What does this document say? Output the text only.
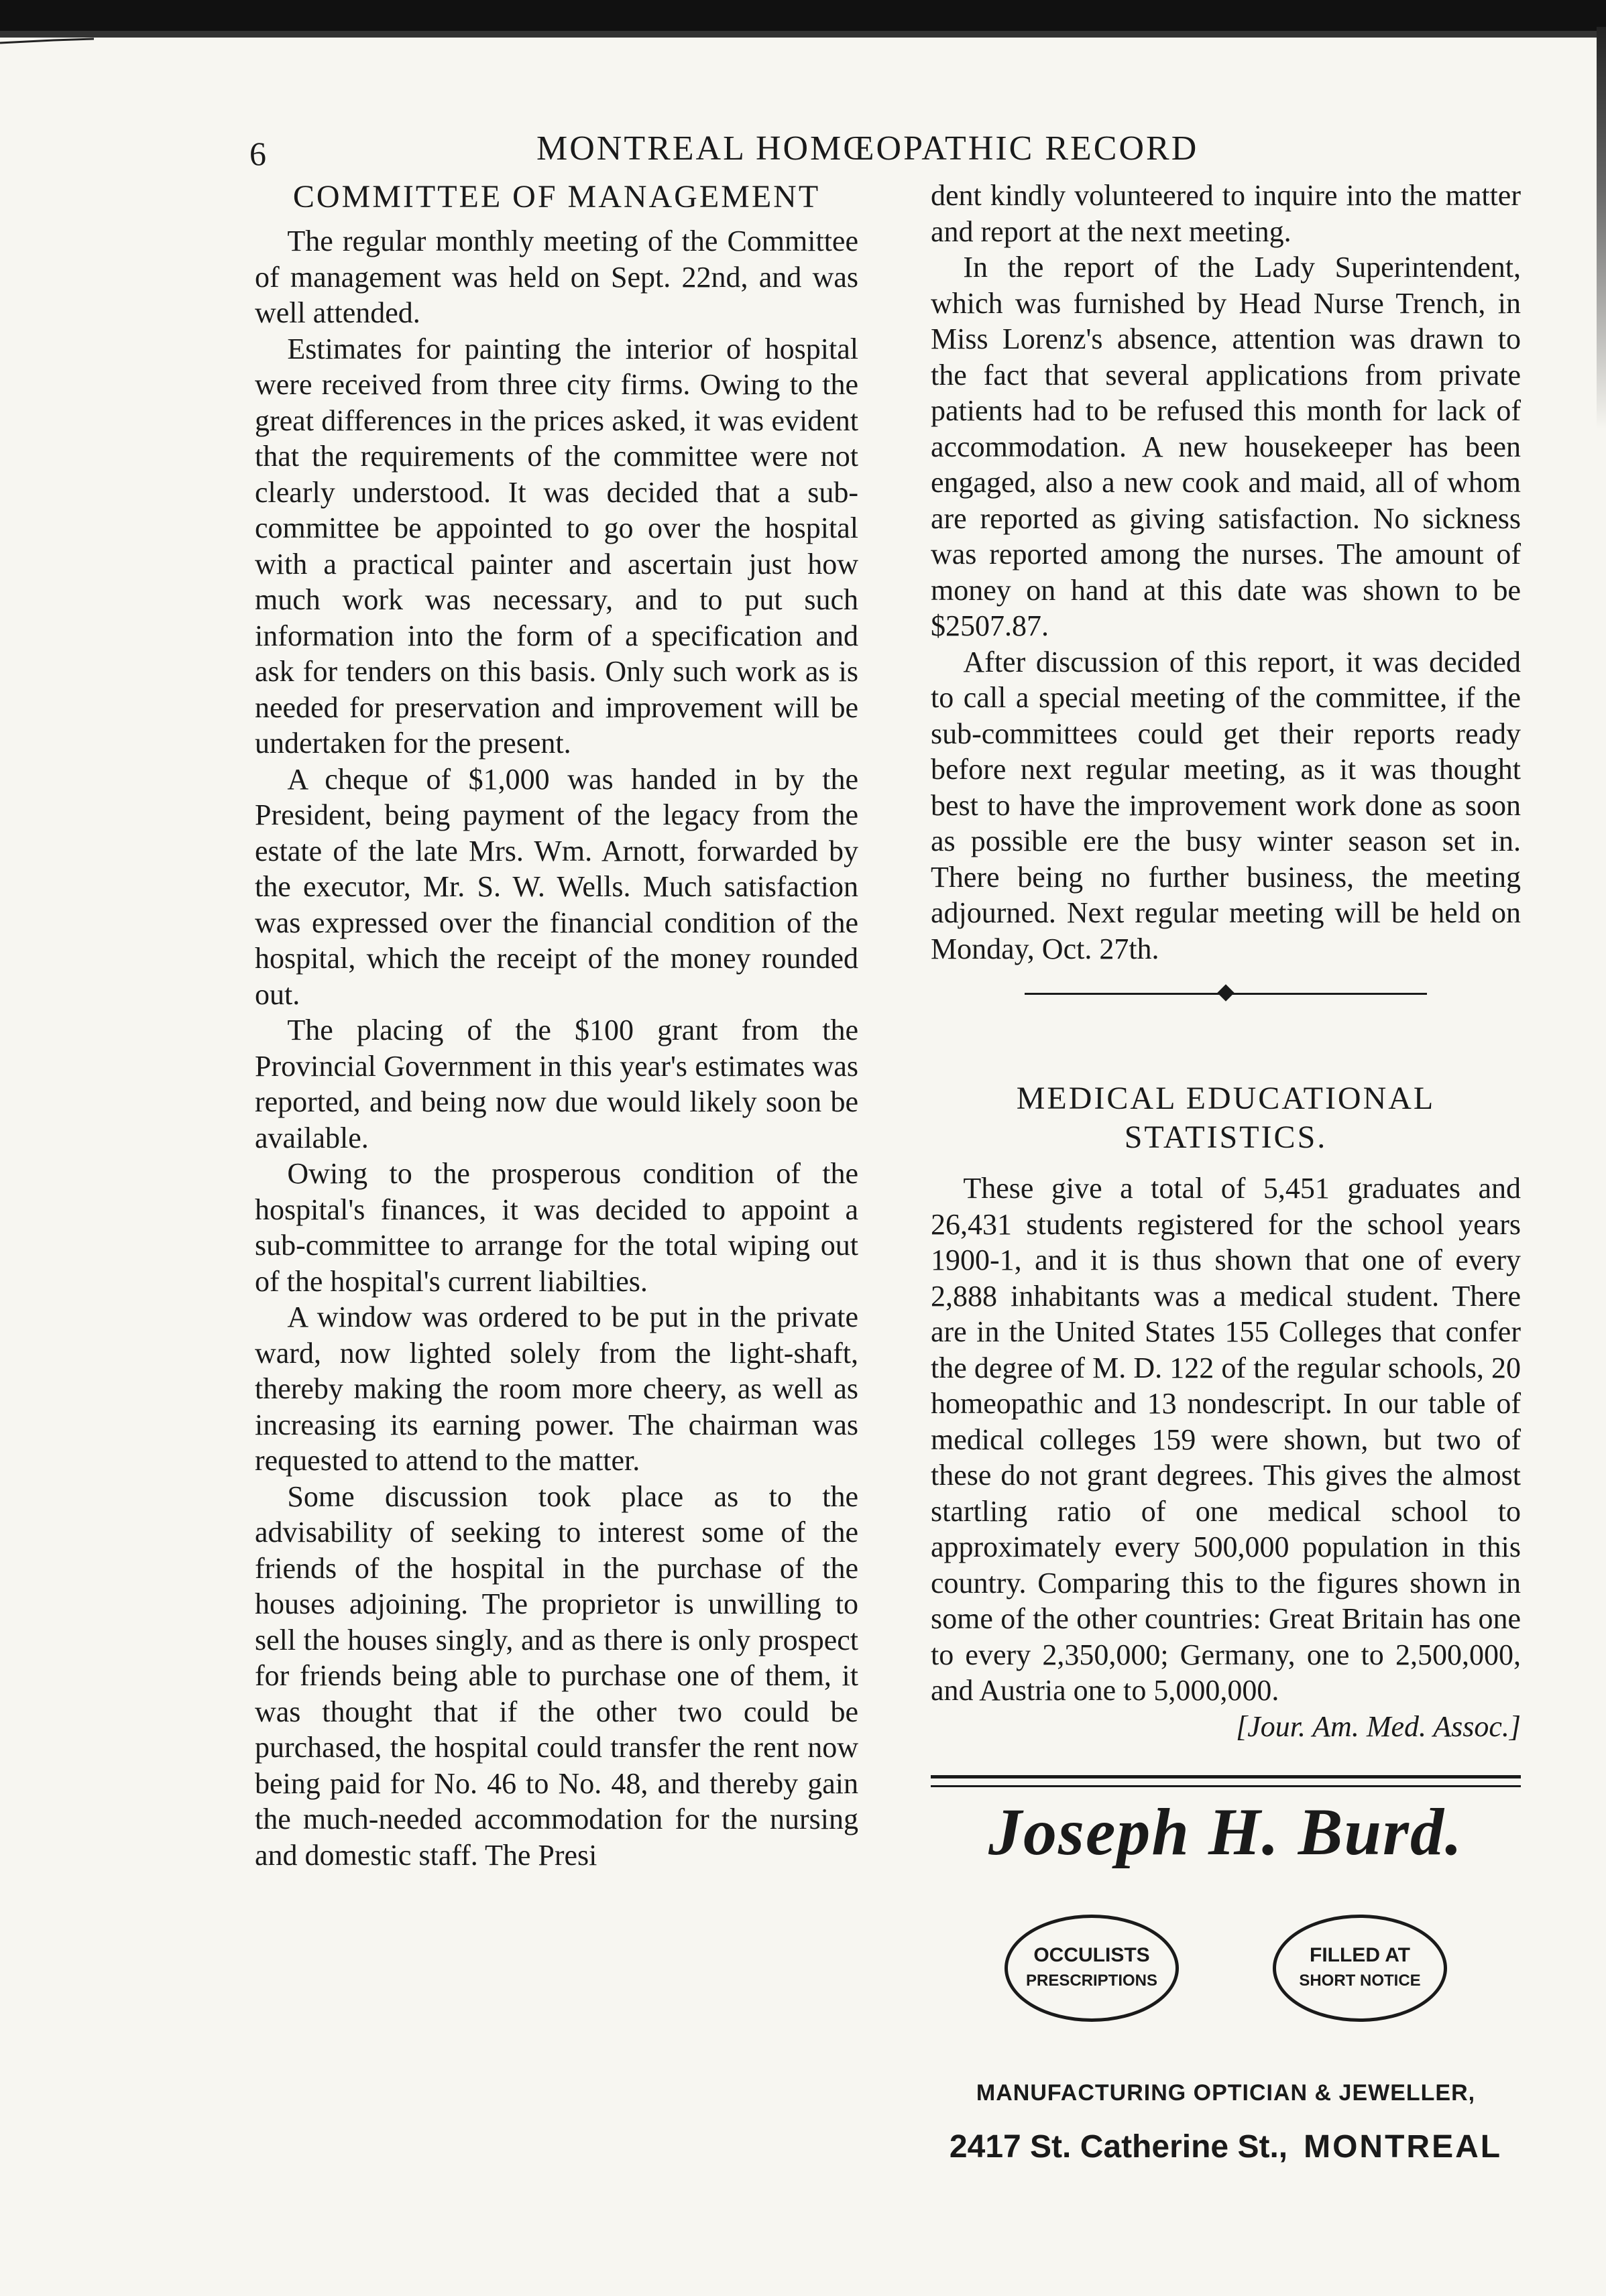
6	MONTREAL HOMŒOPATHIC RECORD
COMMITTEE OF MANAGEMENT

The regular monthly meeting of the Committee of management was held on Sept. 22nd, and was well attended.

Estimates for painting the interior of hospital were received from three city firms. Owing to the great differences in the prices asked, it was evident that the requirements of the committee were not clearly understood. It was decided that a sub-committee be appointed to go over the hospital with a practical painter and ascertain just how much work was necessary, and to put such information into the form of a specification and ask for tenders on this basis. Only such work as is needed for preservation and improvement will be undertaken for the present.

A cheque of $1,000 was handed in by the President, being payment of the legacy from the estate of the late Mrs. Wm. Arnott, forwarded by the executor, Mr. S. W. Wells. Much satisfaction was expressed over the financial condition of the hospital, which the receipt of the money rounded out.

The placing of the $100 grant from the Provincial Government in this year's estimates was reported, and being now due would likely soon be available.

Owing to the prosperous condition of the hospital's finances, it was decided to appoint a sub-committee to arrange for the total wiping out of the hospital's current liabilties.

A window was ordered to be put in the private ward, now lighted solely from the light-shaft, thereby making the room more cheery, as well as increasing its earning power. The chairman was requested to attend to the matter.

Some discussion took place as to the advisability of seeking to interest some of the friends of the hospital in the purchase of the houses adjoining. The proprietor is unwilling to sell the houses singly, and as there is only prospect for friends being able to purchase one of them, it was thought that if the other two could be purchased, the hospital could transfer the rent now being paid for No. 46 to No. 48, and thereby gain the much-needed accommodation for the nursing and domestic staff. The Presi

dent kindly volunteered to inquire into the matter and report at the next meeting.

In the report of the Lady Superintendent, which was furnished by Head Nurse Trench, in Miss Lorenz's absence, attention was drawn to the fact that several applications from private patients had to be refused this month for lack of accommodation. A new housekeeper has been engaged, also a new cook and maid, all of whom are reported as giving satisfaction. No sickness was reported among the nurses. The amount of money on hand at this date was shown to be $2507.87.

After discussion of this report, it was decided to call a special meeting of the committee, if the sub-committees could get their reports ready before next regular meeting, as it was thought best to have the improvement work done as soon as possible ere the busy winter season set in. There being no further business, the meeting adjourned. Next regular meeting will be held on Monday, Oct. 27th.

MEDICAL EDUCATIONAL STATISTICS.

These give a total of 5,451 graduates and 26,431 students registered for the school years 1900-1, and it is thus shown that one of every 2,888 inhabitants was a medical student. There are in the United States 155 Colleges that confer the degree of M. D. 122 of the regular schools, 20 homeopathic and 13 nondescript. In our table of medical colleges 159 were shown, but two of these do not grant degrees. This gives the almost startling ratio of one medical school to approximately every 500,000 population in this country. Comparing this to the figures shown in some of the other countries: Great Britain has one to every 2,350,000; Germany, one to 2,500,000, and Austria one to 5,000,000.

[Jour. Am. Med. Assoc.]
Joseph H. Burd.
OCCULISTS
PRESCRIPTIONS
FILLED AT
SHORT NOTICE
MANUFACTURING OPTICIAN & JEWELLER,
2417 St. Catherine St., MONTREAL
